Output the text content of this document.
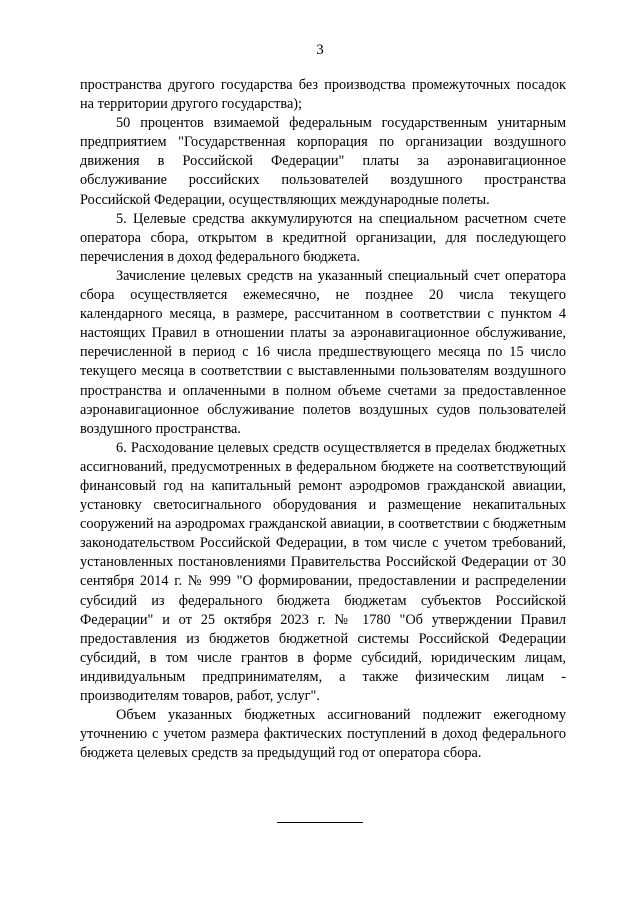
3

пространства другого государства без производства промежуточных посадок на территории другого государства);

50 процентов взимаемой федеральным государственным унитарным предприятием "Государственная корпорация по организации воздушного движения в Российской Федерации" платы за аэронавигационное обслуживание российских пользователей воздушного пространства Российской Федерации, осуществляющих международные полеты.

5. Целевые средства аккумулируются на специальном расчетном счете оператора сбора, открытом в кредитной организации, для последующего перечисления в доход федерального бюджета.

Зачисление целевых средств на указанный специальный счет оператора сбора осуществляется ежемесячно, не позднее 20 числа текущего календарного месяца, в размере, рассчитанном в соответствии с пунктом 4 настоящих Правил в отношении платы за аэронавигационное обслуживание, перечисленной в период с 16 числа предшествующего месяца по 15 число текущего месяца в соответствии с выставленными пользователям воздушного пространства и оплаченными в полном объеме счетами за предоставленное аэронавигационное обслуживание полетов воздушных судов пользователей воздушного пространства.

6. Расходование целевых средств осуществляется в пределах бюджетных ассигнований, предусмотренных в федеральном бюджете на соответствующий финансовый год на капитальный ремонт аэродромов гражданской авиации, установку светосигнального оборудования и размещение некапитальных сооружений на аэродромах гражданской авиации, в соответствии с бюджетным законодательством Российской Федерации, в том числе с учетом требований, установленных постановлениями Правительства Российской Федерации от 30 сентября 2014 г. № 999 "О формировании, предоставлении и распределении субсидий из федерального бюджета бюджетам субъектов Российской Федерации" и от 25 октября 2023 г. № 1780 "Об утверждении Правил предоставления из бюджетов бюджетной системы Российской Федерации субсидий, в том числе грантов в форме субсидий, юридическим лицам, индивидуальным предпринимателям, а также физическим лицам - производителям товаров, работ, услуг".

Объем указанных бюджетных ассигнований подлежит ежегодному уточнению с учетом размера фактических поступлений в доход федерального бюджета целевых средств за предыдущий год от оператора сбора.
